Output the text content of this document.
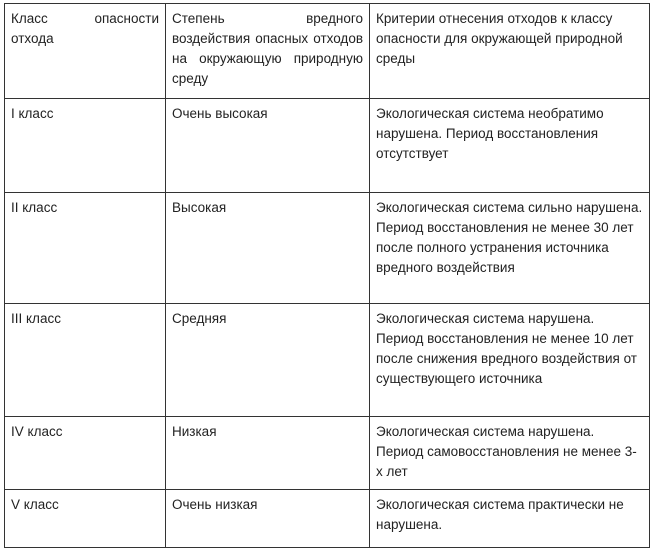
Класс опасности отхода	Степень вредного воздействия опасных отходов на окружающую природную среду	Критерии отнесения отходов к классу опасности для окружающей природной среды
I класс	Очень высокая	Экологическая система необратимо нарушена. Период восстановления отсутствует
II класс	Высокая	Экологическая система сильно нарушена. Период восстановления не менее 30 лет после полного устранения источника вредного воздействия
III класс	Средняя	Экологическая система нарушена. Период восстановления не менее 10 лет после снижения вредного воздействия от существующего источника
IV класс	Низкая	Экологическая система нарушена. Период самовосстановления не менее 3-х лет
V класс	Очень низкая	Экологическая система практически не нарушена.
